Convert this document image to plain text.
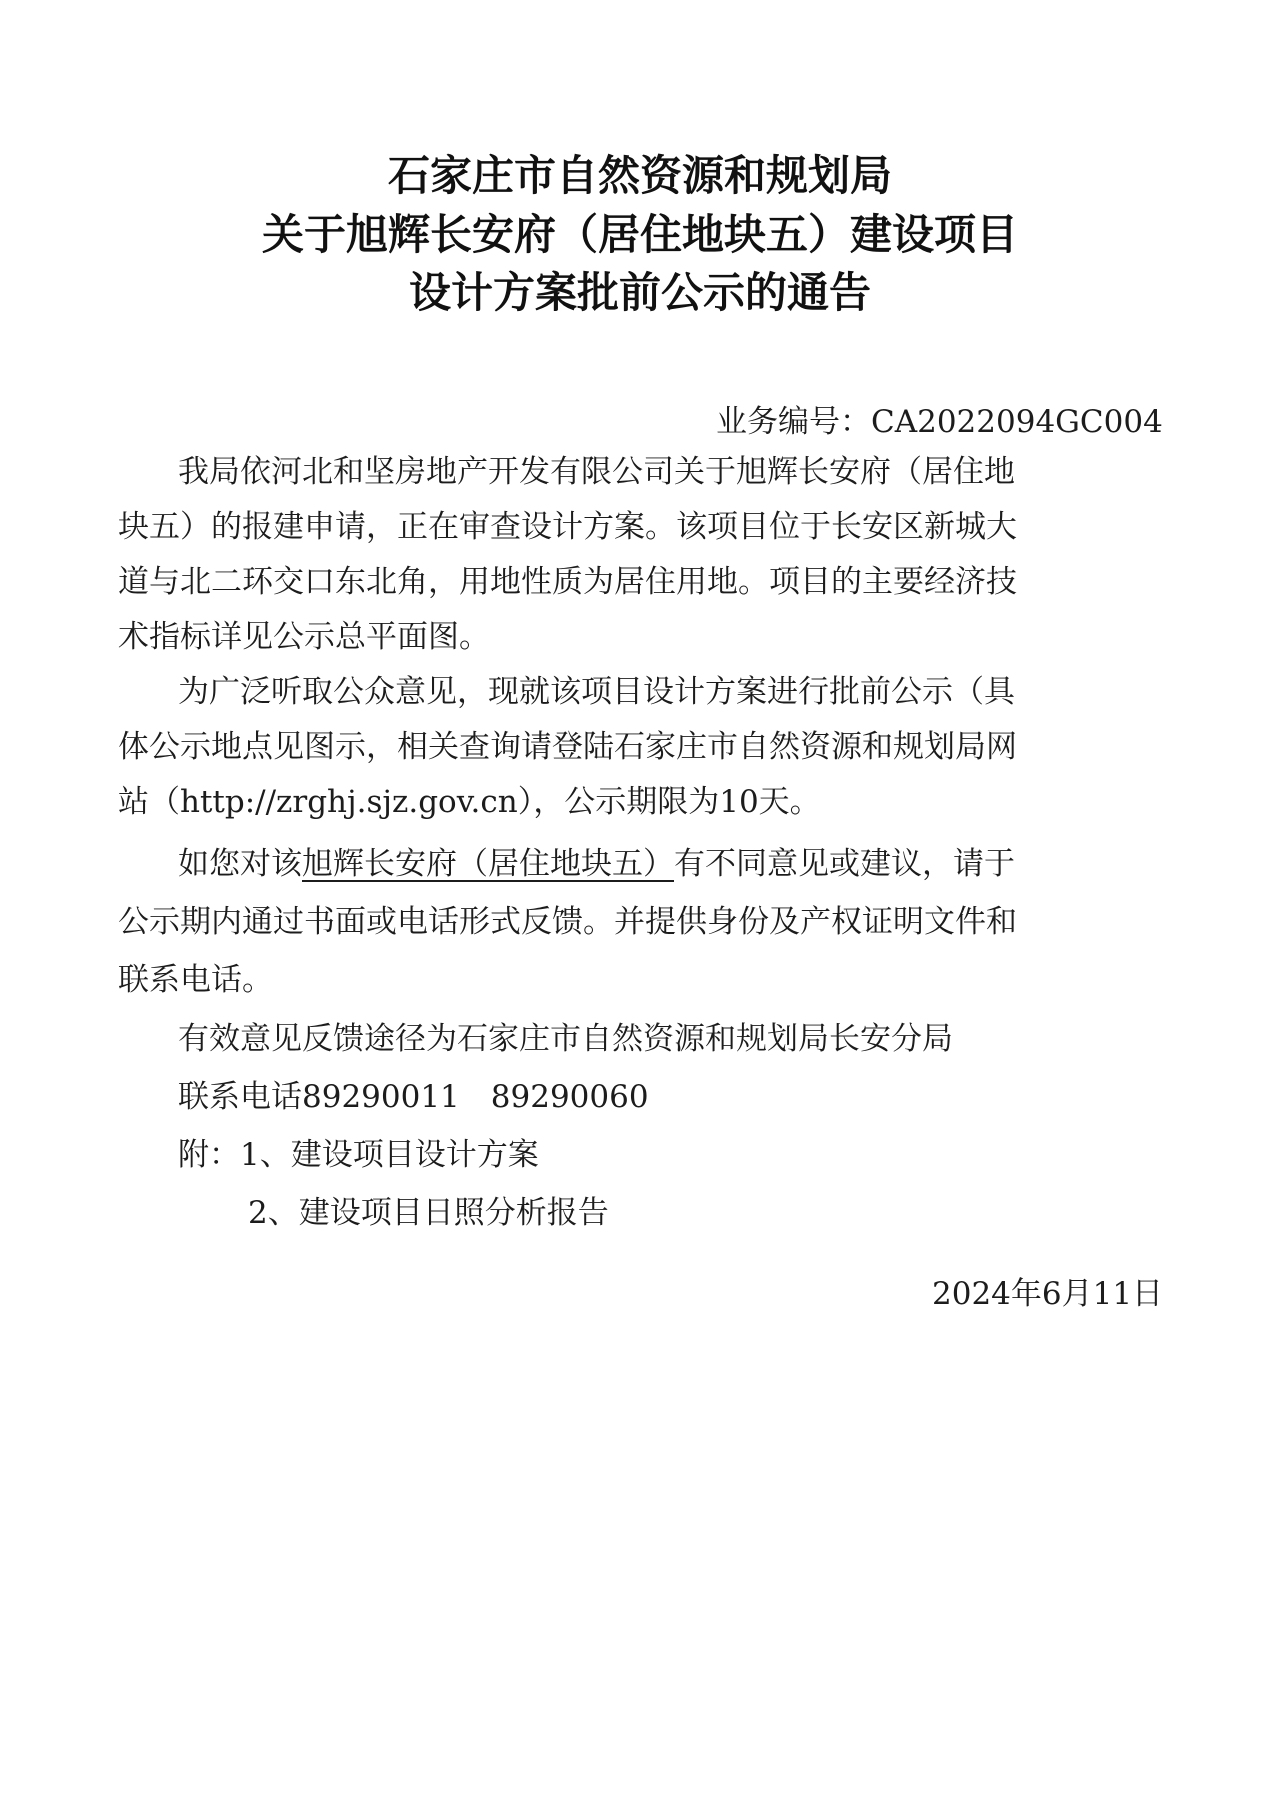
石家庄市自然资源和规划局
关于旭辉长安府（居住地块五）建设项目
设计方案批前公示的通告

业务编号：CA2022094GC004

我局依河北和坚房地产开发有限公司关于旭辉长安府（居住地

块五）的报建申请，正在审查设计方案。该项目位于长安区新城大

道与北二环交口东北角，用地性质为居住用地。项目的主要经济技

术指标详见公示总平面图。

为广泛听取公众意见，现就该项目设计方案进行批前公示（具

体公示地点见图示，相关查询请登陆石家庄市自然资源和规划局网

站（http://zrghj.sjz.gov.cn），公示期限为10天。

如您对该旭辉长安府（居住地块五）有不同意见或建议，请于

公示期内通过书面或电话形式反馈。并提供身份及产权证明文件和

联系电话。

有效意见反馈途径为石家庄市自然资源和规划局长安分局

联系电话89290011　89290060

附：1、建设项目设计方案

2、建设项目日照分析报告

2024年6月11日
